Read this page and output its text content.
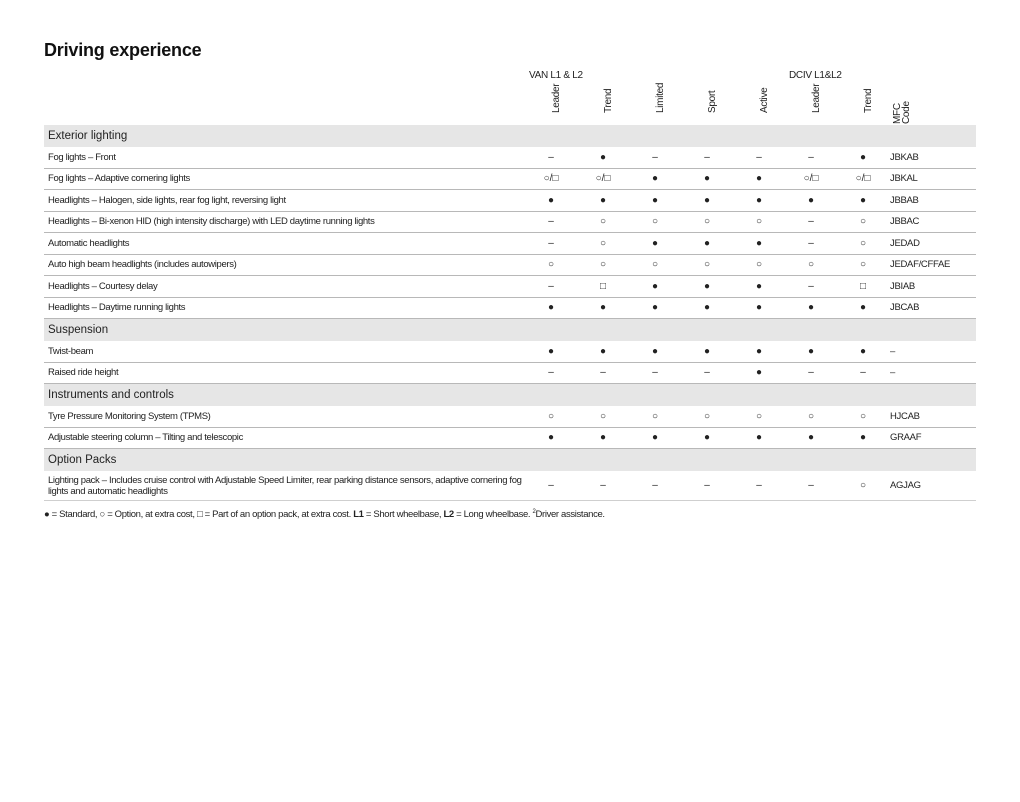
Driving experience
VAN L1 & L2	DCIV L1&L2
Leader	Trend	Limited	Sport	Active	Leader	Trend
MFC
Code
Exterior lighting								
Fog lights – Front	–	●	–	–	–	–	●	JBKAB
Fog lights – Adaptive cornering lights	○/□	○/□	●	●	●	○/□	○/□	JBKAL
Headlights – Halogen, side lights, rear fog light, reversing light	●	●	●	●	●	●	●	JBBAB
Headlights – Bi-xenon HID (high intensity discharge) with LED daytime running lights	–	○	○	○	○	–	○	JBBAC
Automatic headlights	–	○	●	●	●	–	○	JEDAD
Auto high beam headlights (includes autowipers)	○	○	○	○	○	○	○	JEDAF/CFFAE
Headlights – Courtesy delay	–	□	●	●	●	–	□	JBIAB
Headlights – Daytime running lights	●	●	●	●	●	●	●	JBCAB
Suspension								
Twist-beam	●	●	●	●	●	●	●	–
Raised ride height	–	–	–	–	●	–	–	–
Instruments and controls								
Tyre Pressure Monitoring System (TPMS)	○	○	○	○	○	○	○	HJCAB
Adjustable steering column – Tilting and telescopic	●	●	●	●	●	●	●	GRAAF
Option Packs								
Lighting pack – Includes cruise control with Adjustable Speed Limiter, rear parking distance sensors, adaptive cornering fog lights and automatic headlights	–	–	–	–	–	–	○	AGJAG
● = Standard, ○ = Option, at extra cost, □ = Part of an option pack, at extra cost. L1 = Short wheelbase, L2 = Long wheelbase. $^2$Driver assistance.
